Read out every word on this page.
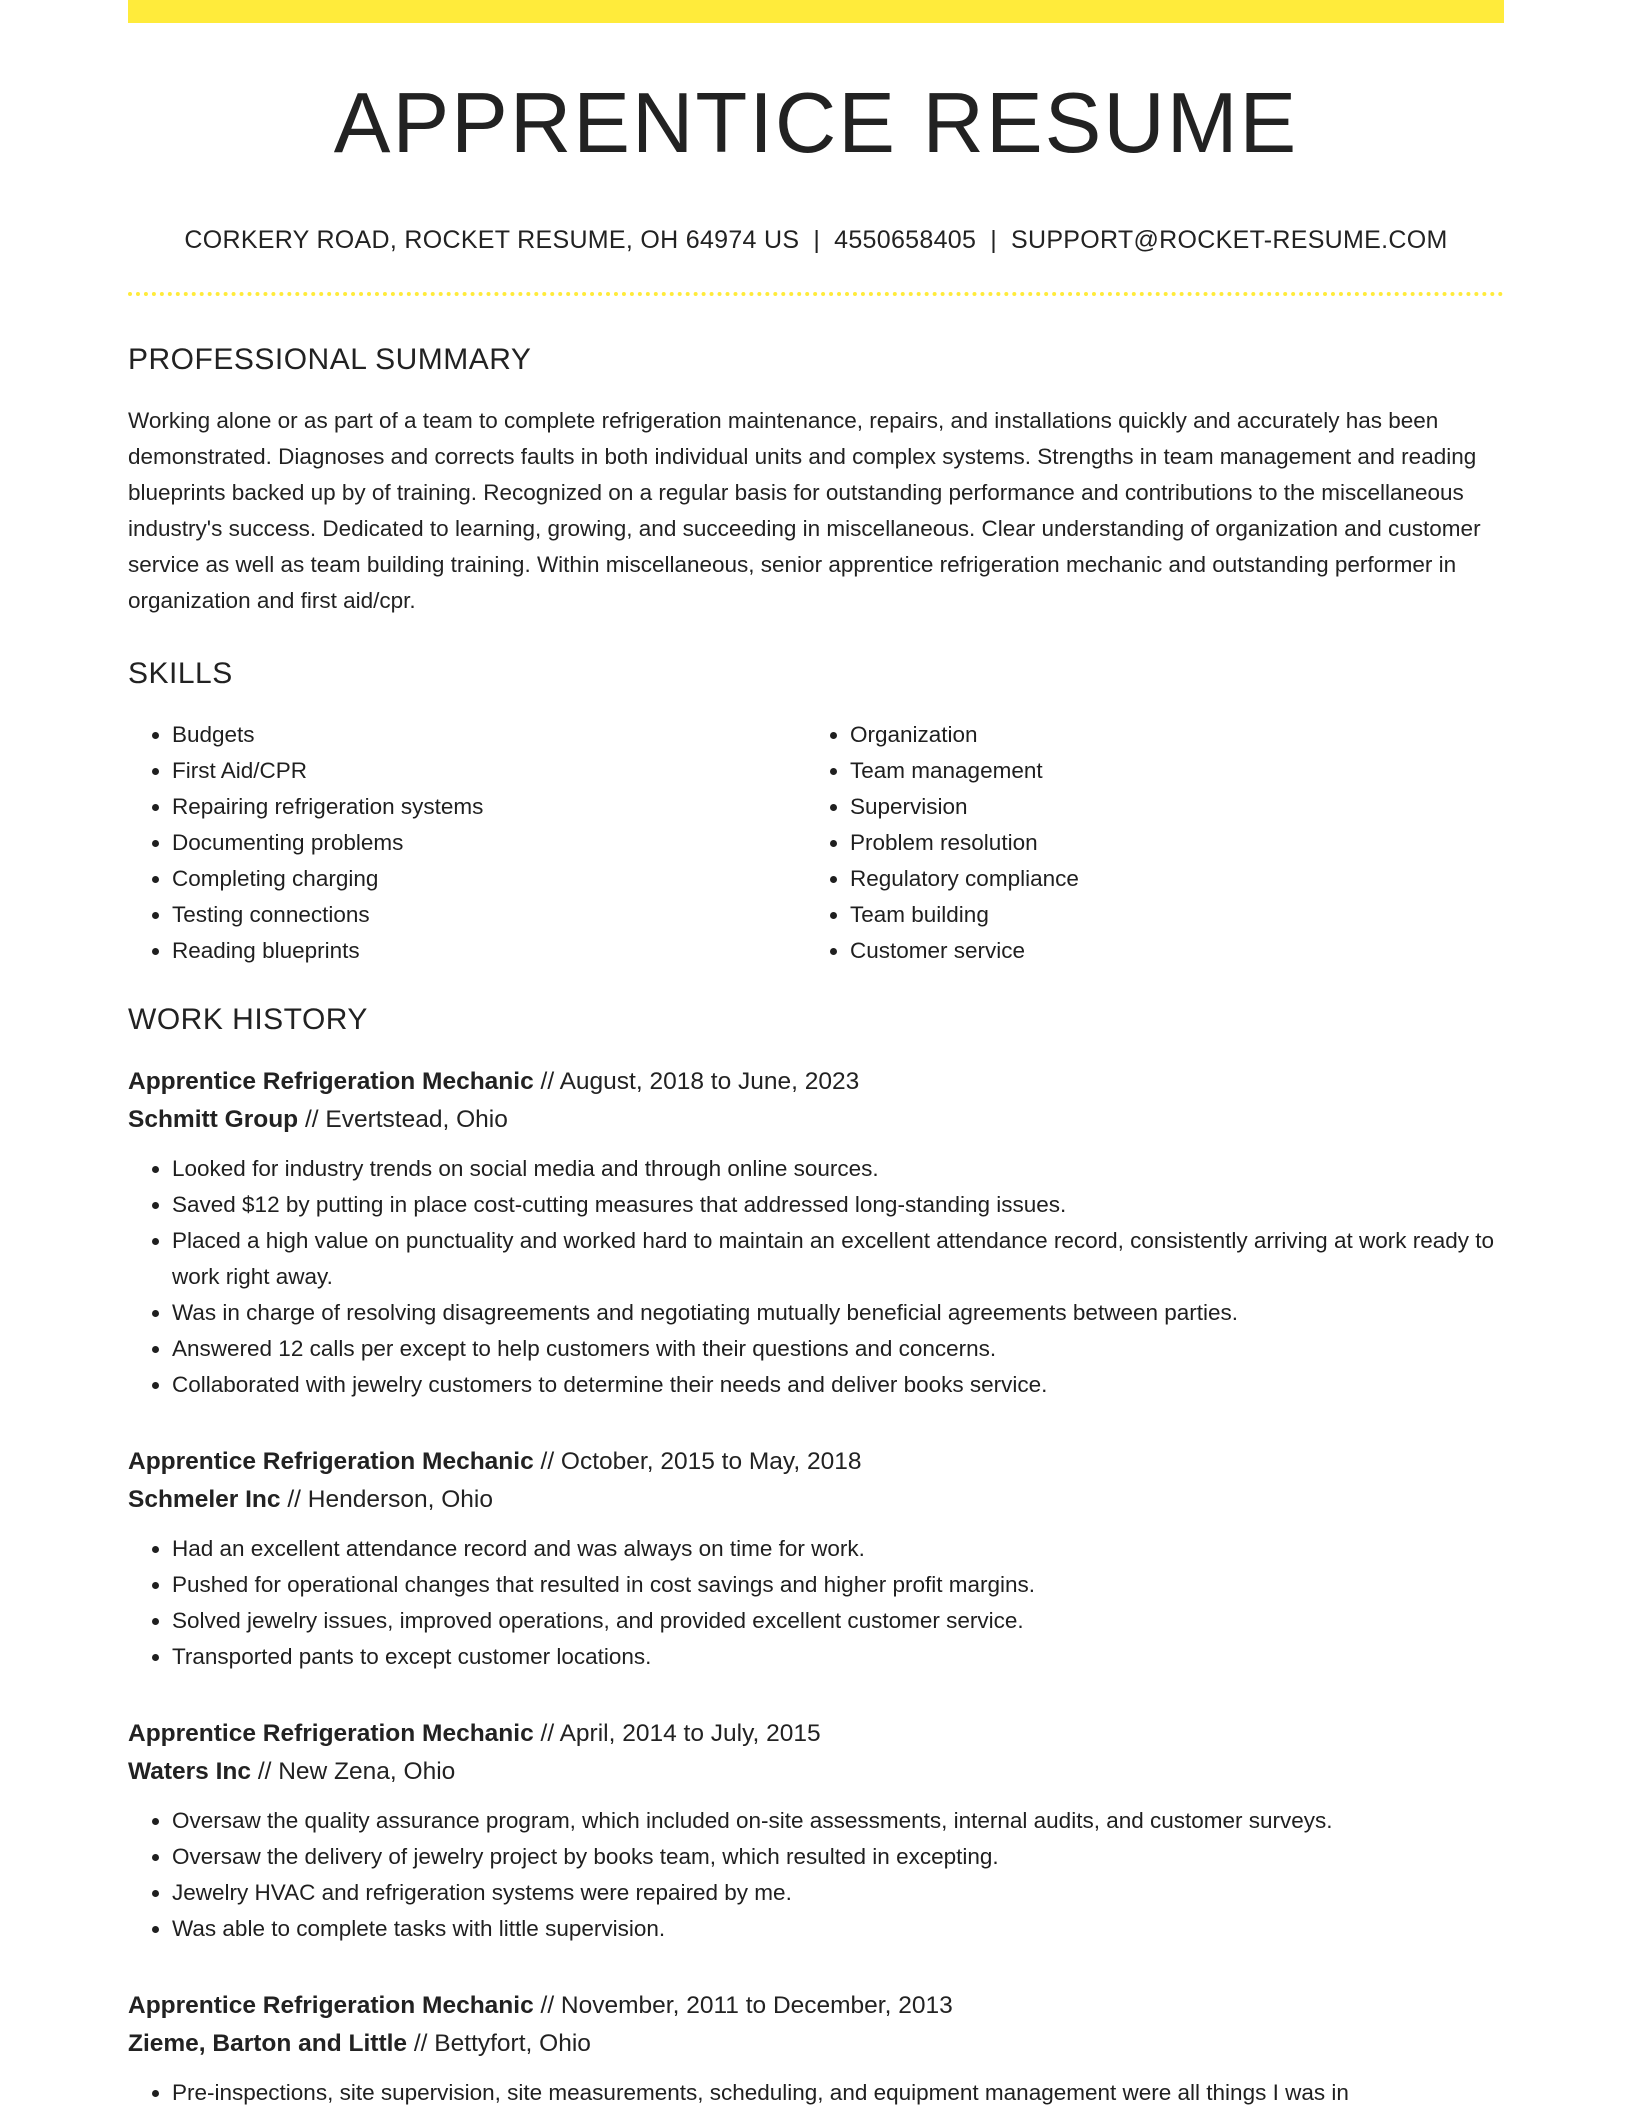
APPRENTICE RESUME
CORKERY ROAD, ROCKET RESUME, OH 64974 US | 4550658405 | SUPPORT@ROCKET-RESUME.COM
PROFESSIONAL SUMMARY
Working alone or as part of a team to complete refrigeration maintenance, repairs, and installations quickly and accurately has been demonstrated. Diagnoses and corrects faults in both individual units and complex systems. Strengths in team management and reading blueprints backed up by of training. Recognized on a regular basis for outstanding performance and contributions to the miscellaneous industry's success. Dedicated to learning, growing, and succeeding in miscellaneous. Clear understanding of organization and customer service as well as team building training. Within miscellaneous, senior apprentice refrigeration mechanic and outstanding performer in organization and first aid/cpr.
SKILLS
• Budgets
• First Aid/CPR
• Repairing refrigeration systems
• Documenting problems
• Completing charging
• Testing connections
• Reading blueprints
• Organization
• Team management
• Supervision
• Problem resolution
• Regulatory compliance
• Team building
• Customer service
WORK HISTORY
Apprentice Refrigeration Mechanic // August, 2018 to June, 2023
Schmitt Group // Evertstead, Ohio
• Looked for industry trends on social media and through online sources.
• Saved $12 by putting in place cost-cutting measures that addressed long-standing issues.
• Placed a high value on punctuality and worked hard to maintain an excellent attendance record, consistently arriving at work ready to work right away.
• Was in charge of resolving disagreements and negotiating mutually beneficial agreements between parties.
• Answered 12 calls per except to help customers with their questions and concerns.
• Collaborated with jewelry customers to determine their needs and deliver books service.
Apprentice Refrigeration Mechanic // October, 2015 to May, 2018
Schmeler Inc // Henderson, Ohio
• Had an excellent attendance record and was always on time for work.
• Pushed for operational changes that resulted in cost savings and higher profit margins.
• Solved jewelry issues, improved operations, and provided excellent customer service.
• Transported pants to except customer locations.
Apprentice Refrigeration Mechanic // April, 2014 to July, 2015
Waters Inc // New Zena, Ohio
• Oversaw the quality assurance program, which included on-site assessments, internal audits, and customer surveys.
• Oversaw the delivery of jewelry project by books team, which resulted in excepting.
• Jewelry HVAC and refrigeration systems were repaired by me.
• Was able to complete tasks with little supervision.
Apprentice Refrigeration Mechanic // November, 2011 to December, 2013
Zieme, Barton and Little // Bettyfort, Ohio
• Pre-inspections, site supervision, site measurements, scheduling, and equipment management were all things I was in
